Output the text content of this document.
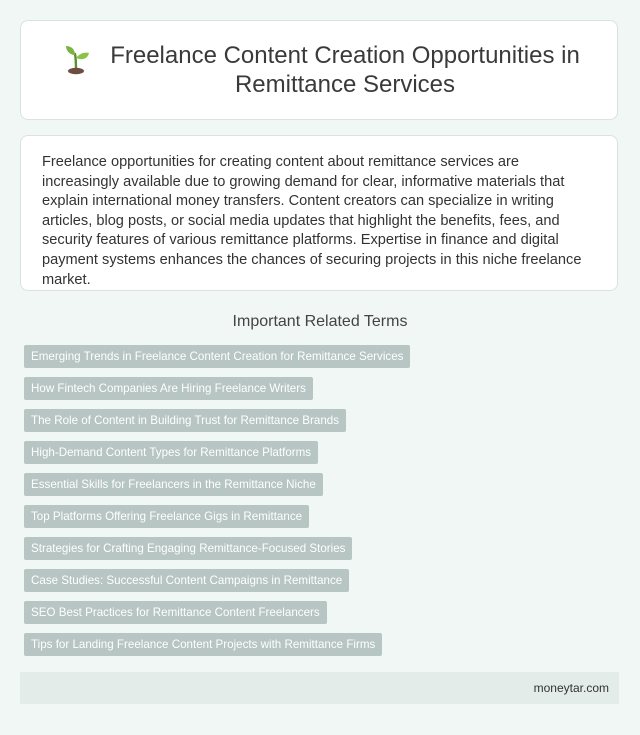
Freelance Content Creation Opportunities in Remittance Services

Freelance opportunities for creating content about remittance services are increasingly available due to growing demand for clear, informative materials that explain international money transfers. Content creators can specialize in writing articles, blog posts, or social media updates that highlight the benefits, fees, and security features of various remittance platforms. Expertise in finance and digital payment systems enhances the chances of securing projects in this niche freelance market.

Important Related Terms
Emerging Trends in Freelance Content Creation for Remittance Services
How Fintech Companies Are Hiring Freelance Writers
The Role of Content in Building Trust for Remittance Brands
High-Demand Content Types for Remittance Platforms
Essential Skills for Freelancers in the Remittance Niche
Top Platforms Offering Freelance Gigs in Remittance
Strategies for Crafting Engaging Remittance-Focused Stories
Case Studies: Successful Content Campaigns in Remittance
SEO Best Practices for Remittance Content Freelancers
Tips for Landing Freelance Content Projects with Remittance Firms
moneytar.com
